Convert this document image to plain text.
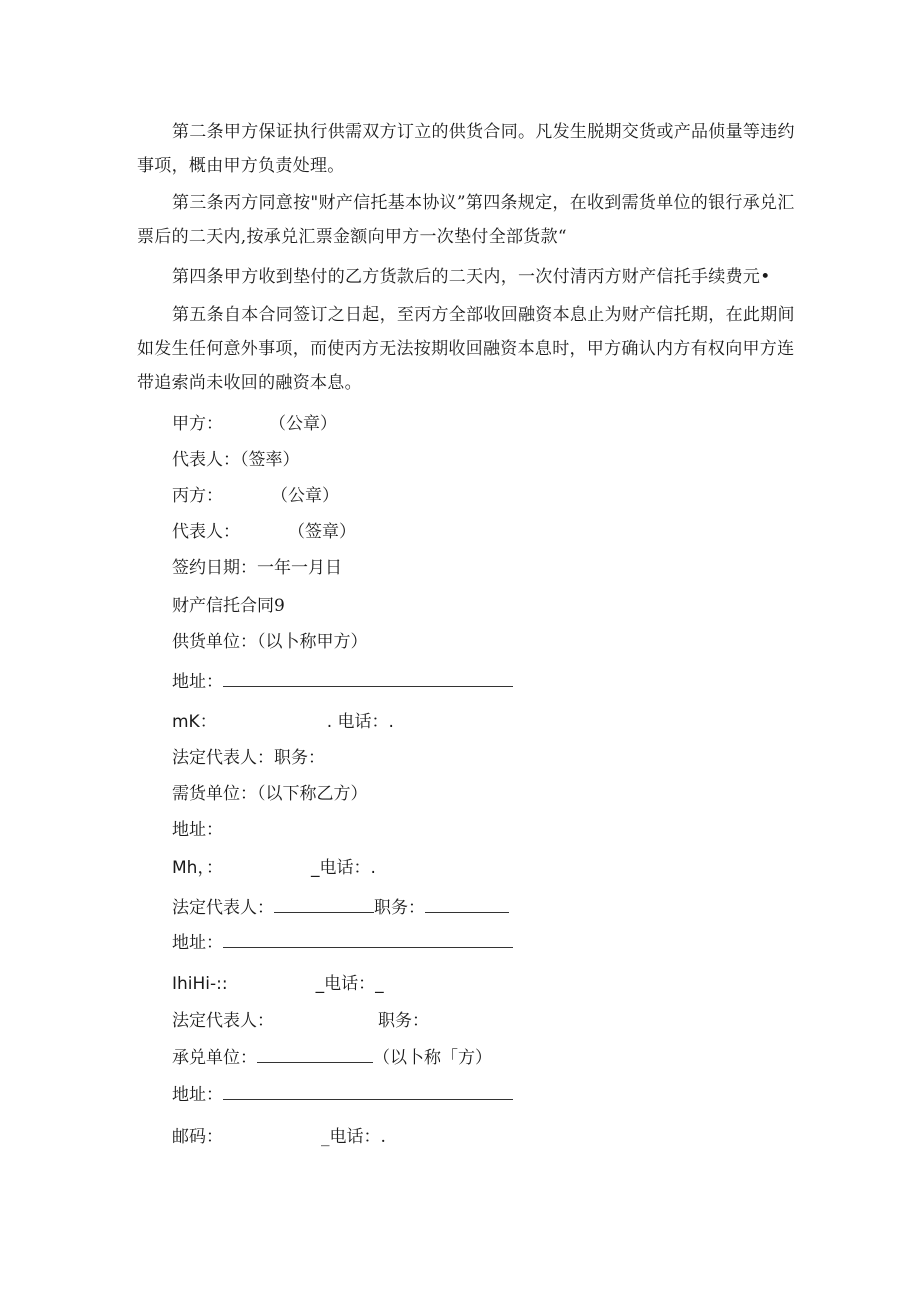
第二条甲方保证执行供需双方订立的供货合同。凡发生脱期交货或产品侦量等违约事项，概由甲方负责处理。

第三条丙方同意按"财产信托基本协议”第四条规定，在收到需货单位的银行承兑汇票后的二天内,按承兑汇票金额向甲方一次垫付全部货款“

第四条甲方收到垫付的乙方货款后的二天内，一次付清丙方财产信托手续费元•

第五条自本合同签订之日起，至丙方全部收回融资本息止为财产信托期，在此期间如发生任何意外事项，而使丙方无法按期收回融资本息时，甲方确认内方有权向甲方连带追索尚未收回的融资本息。

甲方：	（公章）
代表人：（签率）
丙方：	（公章）
代表人：	（签章）
签约日期：一年一月日
财产信托合同9
供货单位：（以卜称甲方）
地址：
mK：	. 电话：.
法定代表人：职务：
需货单位：（以下称乙方）
地址：
Mh，：	_电话：.
法定代表人：	职务：
地址：
IhiHi-::	_电话：_
法定代表人：	职务：
承兑单位：	（以卜称「方）
地址：
邮码：	_电话：.
